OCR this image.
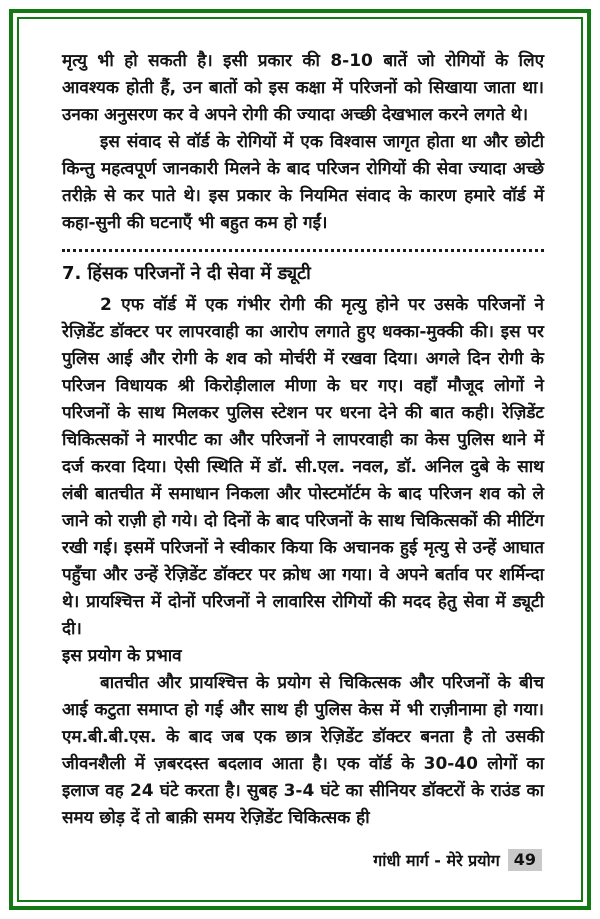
मृत्यु भी हो सकती है। इसी प्रकार की 8-10 बातें जो रोगियों के लिए आवश्यक होती हैं, उन बातों को इस कक्षा में परिजनों को सिखाया जाता था। उनका अनुसरण कर वे अपने रोगी की ज्यादा अच्छी देखभाल करने लगते थे।

इस संवाद से वॉर्ड के रोगियों में एक विश्वास जागृत होता था और छोटी किन्तु महत्वपूर्ण जानकारी मिलने के बाद परिजन रोगियों की सेवा ज्यादा अच्छे तरीक़े से कर पाते थे। इस प्रकार के नियमित संवाद के कारण हमारे वॉर्ड में कहा-सुनी की घटनाएँ भी बहुत कम हो गईं।

7. हिंसक परिजनों ने दी सेवा में ड्यूटी

2 एफ वॉर्ड में एक गंभीर रोगी की मृत्यु होने पर उसके परिजनों ने रेज़िडेंट डॉक्टर पर लापरवाही का आरोप लगाते हुए धक्का-मुक्की की। इस पर पुलिस आई और रोगी के शव को मोर्चरी में रखवा दिया। अगले दिन रोगी के परिजन विधायक श्री किरोड़ीलाल मीणा के घर गए। वहाँ मौजूद लोगों ने परिजनों के साथ मिलकर पुलिस स्टेशन पर धरना देने की बात कही। रेज़िडेंट चिकित्सकों ने मारपीट का और परिजनों ने लापरवाही का केस पुलिस थाने में दर्ज करवा दिया। ऐसी स्थिति में डॉ. सी.एल. नवल, डॉ. अनिल दुबे के साथ लंबी बातचीत में समाधान निकला और पोस्टमॉर्टम के बाद परिजन शव को ले जाने को राज़ी हो गये। दो दिनों के बाद परिजनों के साथ चिकित्सकों की मीटिंग रखी गई। इसमें परिजनों ने स्वीकार किया कि अचानक हुई मृत्यु से उन्हें आघात पहुँचा और उन्हें रेज़िडेंट डॉक्टर पर क्रोध आ गया। वे अपने बर्ताव पर शर्मिन्दा थे। प्रायश्चित्त में दोनों परिजनों ने लावारिस रोगियों की मदद हेतु सेवा में ड्यूटी दी।

इस प्रयोग के प्रभाव

बातचीत और प्रायश्चित्त के प्रयोग से चिकित्सक और परिजनों के बीच आई कटुता समाप्त हो गई और साथ ही पुलिस केस में भी राज़ीनामा हो गया। एम.बी.बी.एस. के बाद जब एक छात्र रेज़िडेंट डॉक्टर बनता है तो उसकी जीवनशैली में ज़बरदस्त बदलाव आता है। एक वॉर्ड के 30-40 लोगों का इलाज वह 24 घंटे करता है। सुबह 3-4 घंटे का सीनियर डॉक्टरों के राउंड का समय छोड़ दें तो बाक़ी समय रेज़िडेंट चिकित्सक ही

गांधी मार्ग - मेरे प्रयोग 49
